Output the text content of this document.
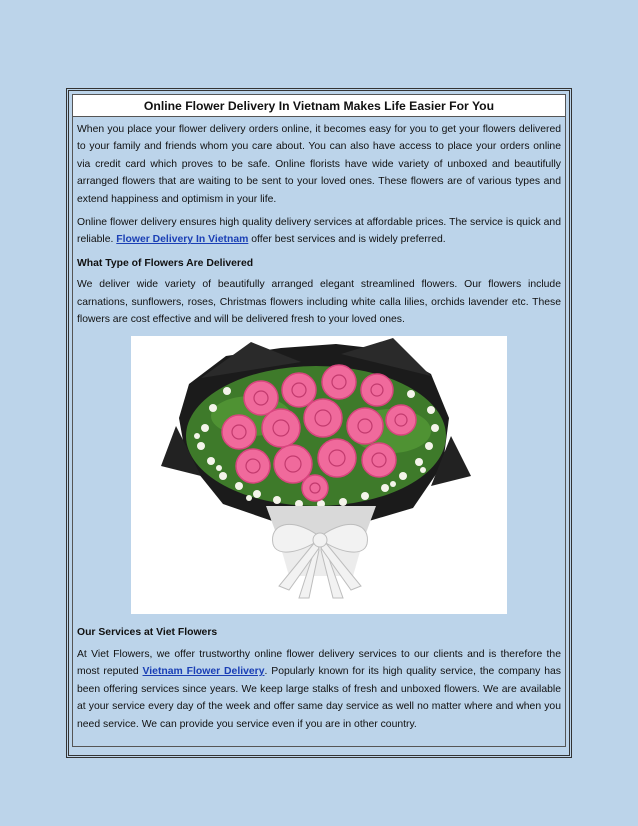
Online Flower Delivery In Vietnam Makes Life Easier For You

When you place your flower delivery orders online, it becomes easy for you to get your flowers delivered to your family and friends whom you care about. You can also have access to place your orders online via credit card which proves to be safe. Online florists have wide variety of unboxed and beautifully arranged flowers that are waiting to be sent to your loved ones. These flowers are of various types and extend happiness and optimism in your life.

Online flower delivery ensures high quality delivery services at affordable prices. The service is quick and reliable. Flower Delivery In Vietnam offer best services and is widely preferred.

What Type of Flowers Are Delivered

We deliver wide variety of beautifully arranged elegant streamlined flowers. Our flowers include carnations, sunflowers, roses, Christmas flowers including white calla lilies, orchids lavender etc. These flowers are cost effective and will be delivered fresh to your loved ones.

Our Services at Viet Flowers

At Viet Flowers, we offer trustworthy online flower delivery services to our clients and is therefore the most reputed Vietnam Flower Delivery. Popularly known for its high quality service, the company has been offering services since years. We keep large stalks of fresh and unboxed flowers. We are available at your service every day of the week and offer same day service as well no matter where and when you need service. We can provide you service even if you are in other country.
